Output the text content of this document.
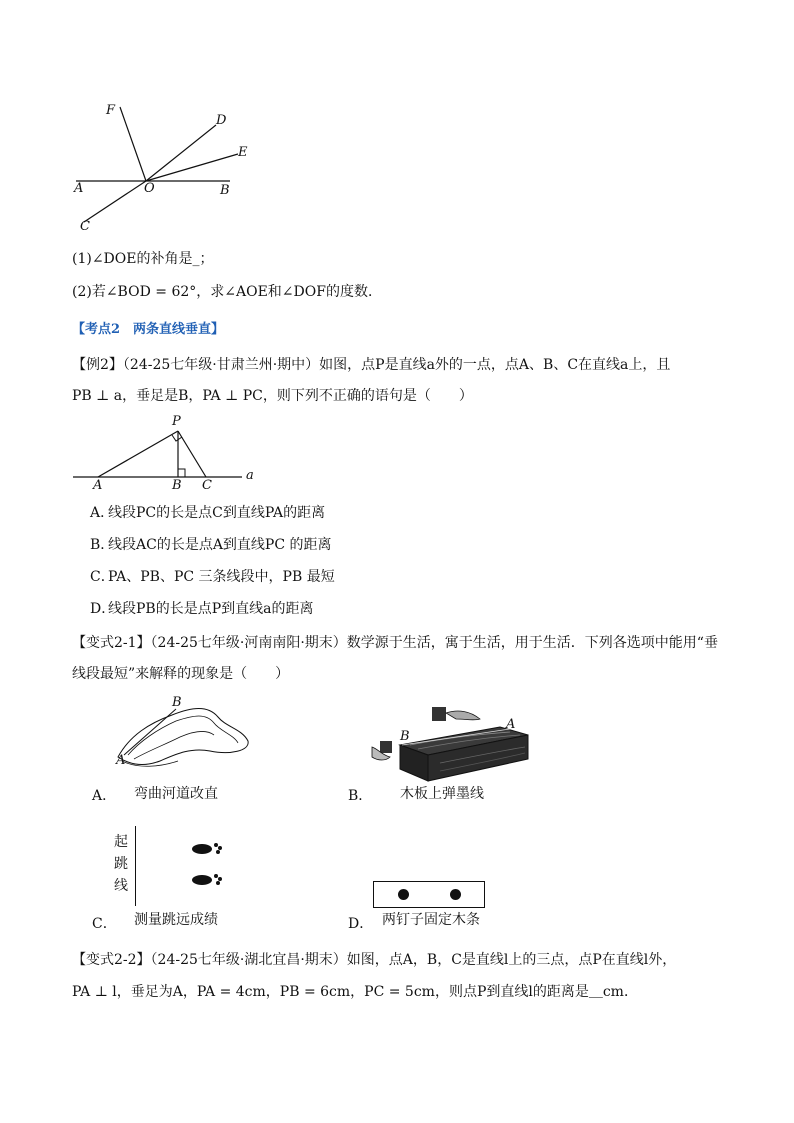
F
D
E
A	O	B
C
(1)∠DOE的补角是_；
(2)若∠BOD = 62°，求∠AOE和∠DOF的度数．
【考点2　两条直线垂直】
【例2】（24-25七年级·甘肃兰州·期中）如图，点P是直线a外的一点，点A、B、C在直线a上，且
PB ⊥ a，垂足是B，PA ⊥ PC，则下列不正确的语句是（　　）
P
A	B C
a
A．线段PC的长是点C到直线PA的距离
B．线段AC的长是点A到直线PC 的距离
C．PA、PB、PC 三条线段中，PB 最短
D．线段PB的长是点P到直线a的距离
【变式2-1】（24-25七年级·河南南阳·期末）数学源于生活，寓于生活，用于生活．下列各选项中能用“垂
线段最短”来解释的现象是（　　）
B
A
A． 弯曲河道改直
B
A
B． 木板上弹墨线
起
跳
线
C． 测量跳远成绩	D． 两钉子固定木条
【变式2-2】（24-25七年级·湖北宜昌·期末）如图，点A，B，C是直线l上的三点，点P在直线l外，
PA ⊥ l，垂足为A，PA = 4cm，PB = 6cm，PC = 5cm，则点P到直线l的距离是＿cm．
